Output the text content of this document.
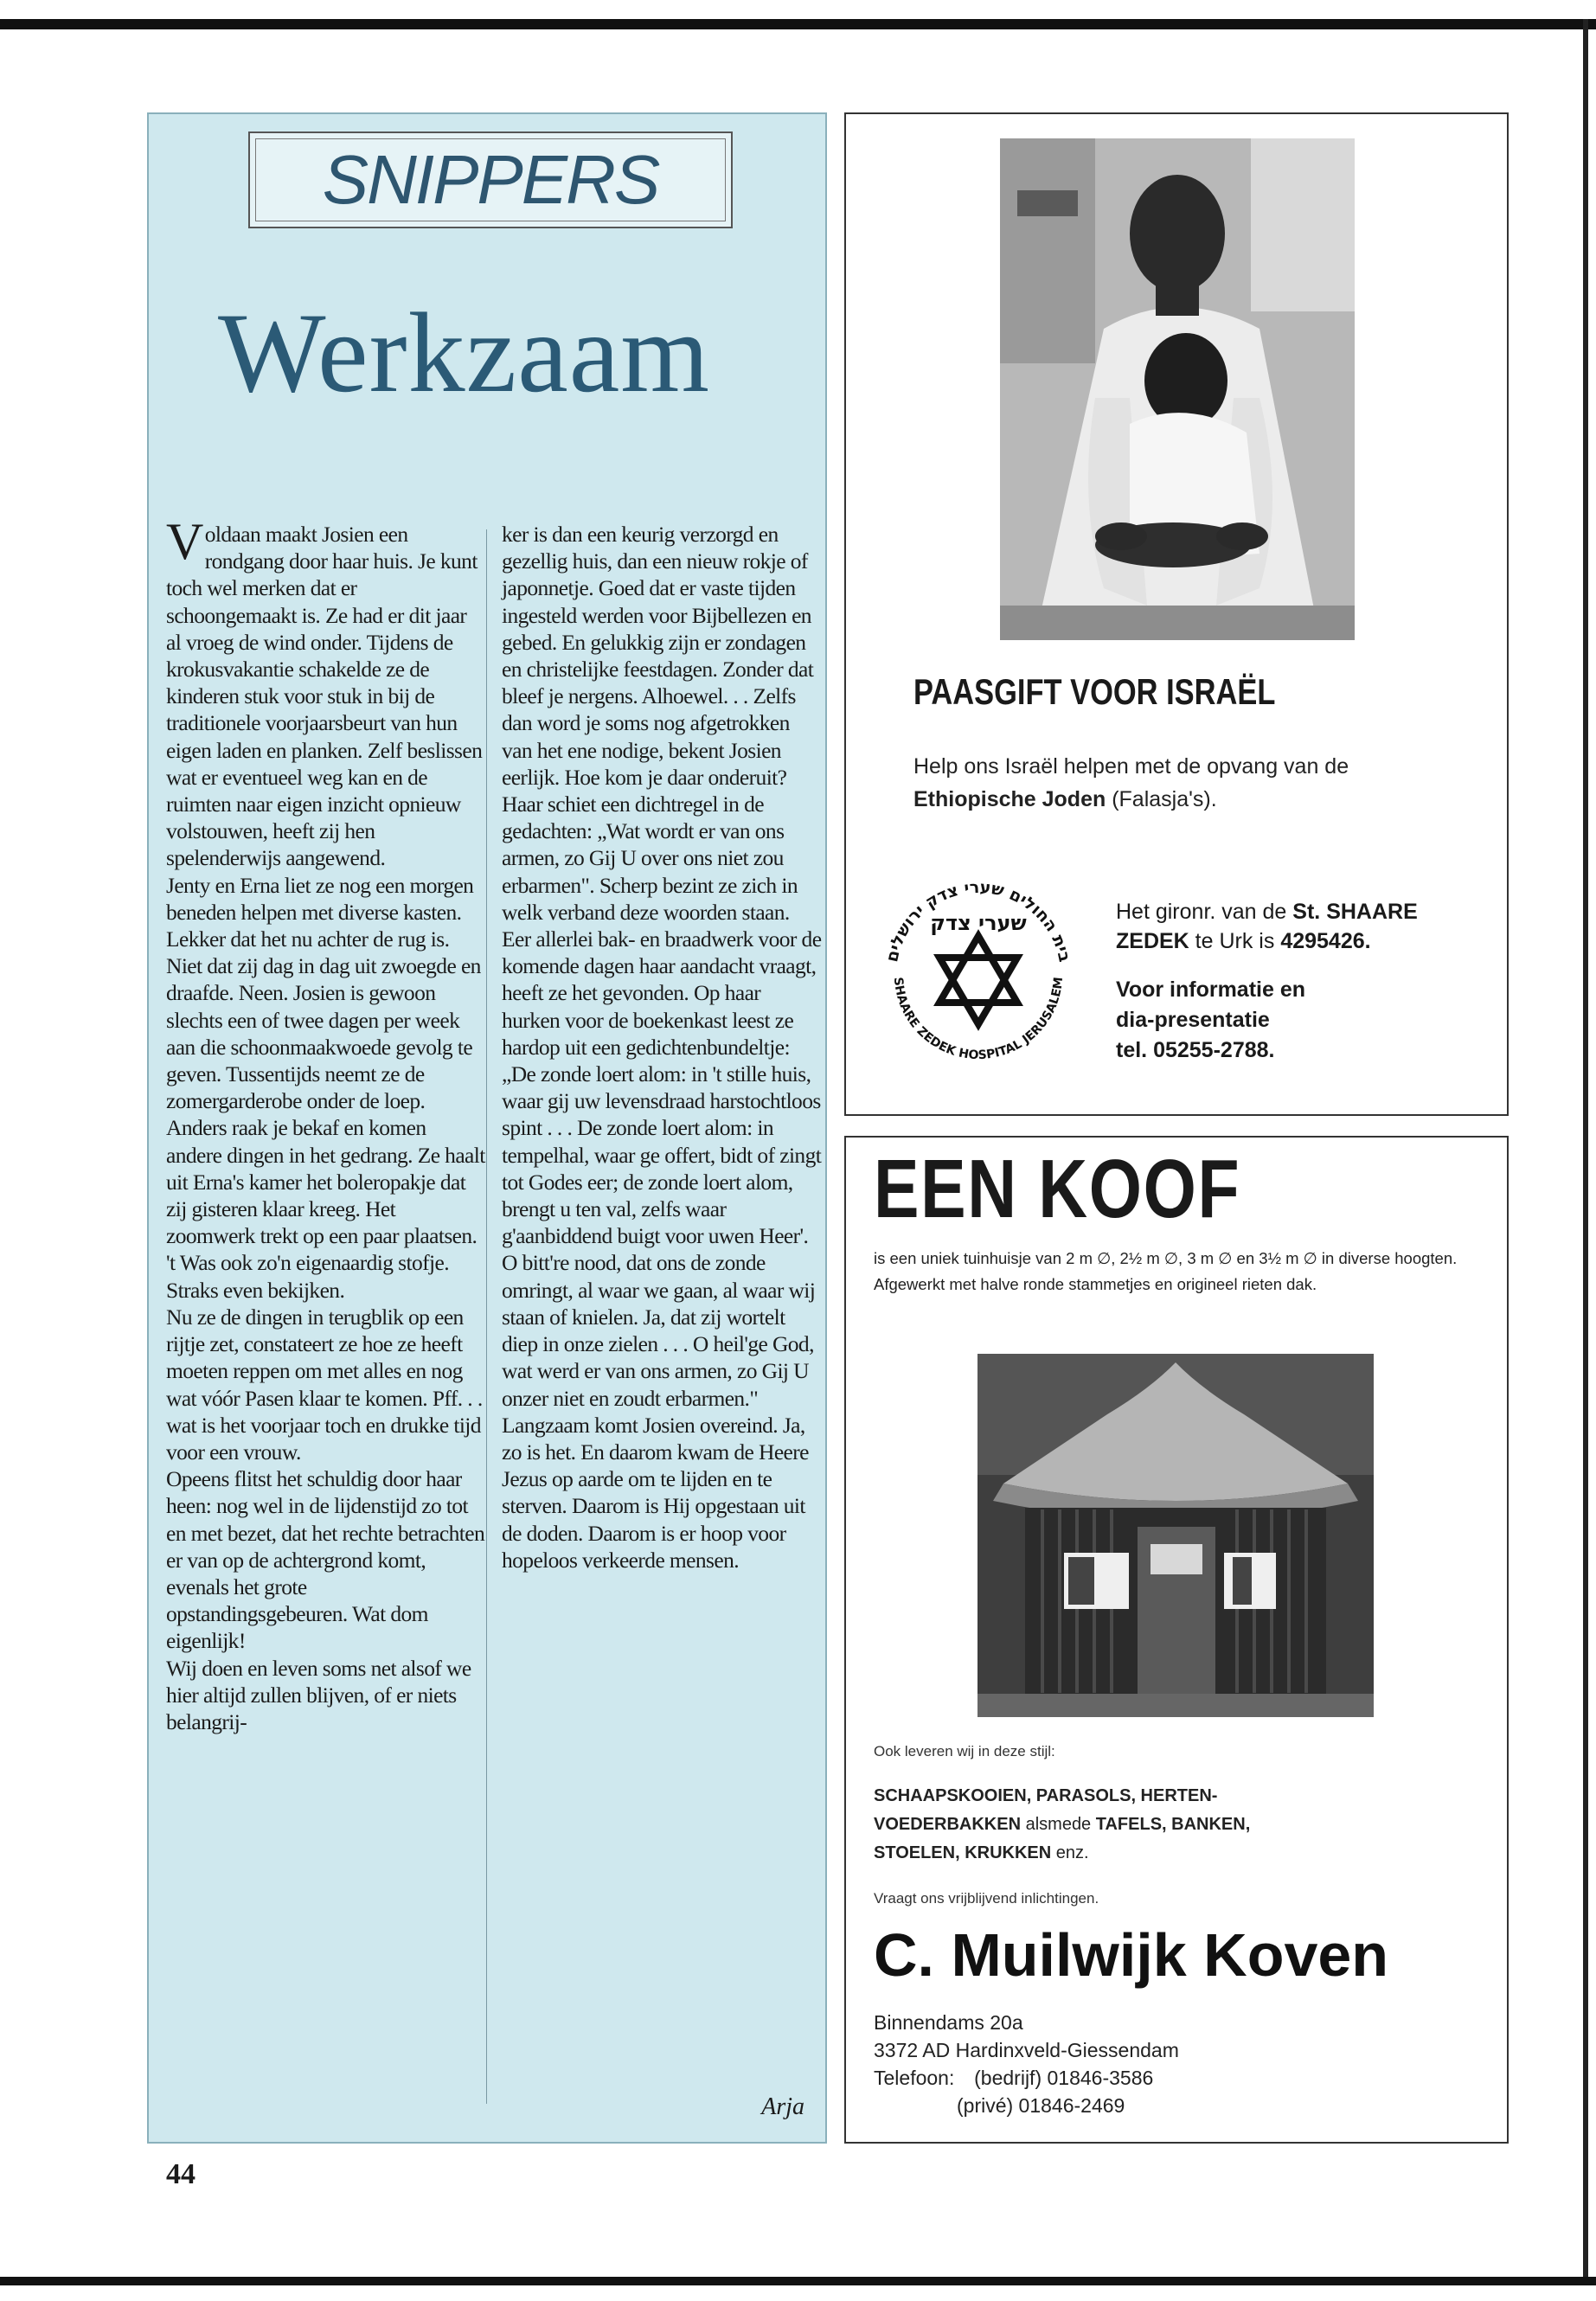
SNIPPERS
Werkzaam

Voldaan maakt Josien een rondgang door haar huis. Je kunt toch wel merken dat er schoongemaakt is. Ze had er dit jaar al vroeg de wind onder. Tijdens de krokusvakantie schakelde ze de kinderen stuk voor stuk in bij de traditionele voorjaarsbeurt van hun eigen laden en planken. Zelf beslissen wat er eventueel weg kan en de ruimten naar eigen inzicht opnieuw volstouwen, heeft zij hen spelenderwijs aangewend.

Jenty en Erna liet ze nog een morgen beneden helpen met diverse kasten. Lekker dat het nu achter de rug is. Niet dat zij dag in dag uit zwoegde en draafde. Neen. Josien is gewoon slechts een of twee dagen per week aan die schoonmaakwoede gevolg te geven. Tussentijds neemt ze de zomergarderobe onder de loep. Anders raak je bekaf en komen andere dingen in het gedrang. Ze haalt uit Erna's kamer het boleropakje dat zij gisteren klaar kreeg. Het zoomwerk trekt op een paar plaatsen. 't Was ook zo'n eigenaardig stofje. Straks even bekijken.

Nu ze de dingen in terugblik op een rijtje zet, constateert ze hoe ze heeft moeten reppen om met alles en nog wat vóór Pasen klaar te komen. Pff. . . wat is het voorjaar toch en drukke tijd voor een vrouw.

Opeens flitst het schuldig door haar heen: nog wel in de lijdenstijd zo tot en met bezet, dat het rechte betrachten er van op de achtergrond komt, evenals het grote opstandingsgebeuren. Wat dom eigenlijk!

Wij doen en leven soms net alsof we hier altijd zullen blijven, of er niets belangrij-

ker is dan een keurig verzorgd en gezellig huis, dan een nieuw rokje of japonnetje. Goed dat er vaste tijden ingesteld werden voor Bijbellezen en gebed. En gelukkig zijn er zondagen en christelijke feestdagen. Zonder dat bleef je nergens. Alhoewel. . . Zelfs dan word je soms nog afgetrokken van het ene nodige, bekent Josien eerlijk. Hoe kom je daar onderuit?

Haar schiet een dichtregel in de gedachten: „Wat wordt er van ons armen, zo Gij U over ons niet zou erbarmen". Scherp bezint ze zich in welk verband deze woorden staan. Eer allerlei bak- en braadwerk voor de komende dagen haar aandacht vraagt, heeft ze het gevonden. Op haar hurken voor de boekenkast leest ze hardop uit een gedichtenbundeltje: „De zonde loert alom: in 't stille huis, waar gij uw levensdraad harstochtloos spint . . . De zonde loert alom: in tempelhal, waar ge offert, bidt of zingt tot Godes eer; de zonde loert alom, brengt u ten val, zelfs waar g'aanbiddend buigt voor uwen Heer'. O bitt're nood, dat ons de zonde omringt, al waar we gaan, al waar wij staan of knielen. Ja, dat zij wortelt diep in onze zielen . . . O heil'ge God, wat werd er van ons armen, zo Gij U onzer niet en zoudt erbarmen."

Langzaam komt Josien overeind. Ja, zo is het. En daarom kwam de Heere Jezus op aarde om te lijden en te sterven. Daarom is Hij opgestaan uit de doden. Daarom is er hoop voor hopeloos verkeerde mensen.

Arja
44
PAASGIFT VOOR ISRAËL
Help ons Israël helpen met de opvang van de Ethiopische Joden (Falasja's).
בית החולים שערי צדק ירושלים
SHAARE ZEDEK HOSPITAL JERUSALEM
שערי צדק	Het gironr. van de St. SHAARE ZEDEK te Urk is 4295426.
Voor informatie en
dia-presentatie
tel. 05255-2788.
EEN KOOF
is een uniek tuinhuisje van 2 m ∅, 2½ m ∅, 3 m ∅ en 3½ m ∅ in diverse hoogten. Afgewerkt met halve ronde stammetjes en origineel rieten dak.
Ook leveren wij in deze stijl:
SCHAAPSKOOIEN, PARASOLS, HERTEN-
VOEDERBAKKEN alsmede TAFELS, BANKEN,
STOELEN, KRUKKEN enz.
Vraagt ons vrijblijvend inlichtingen.
C. Muilwijk Koven
Binnendams 20a
3372 AD Hardinxveld-Giessendam
Telefoon: (bedrijf) 01846-3586
(privé) 01846-2469
